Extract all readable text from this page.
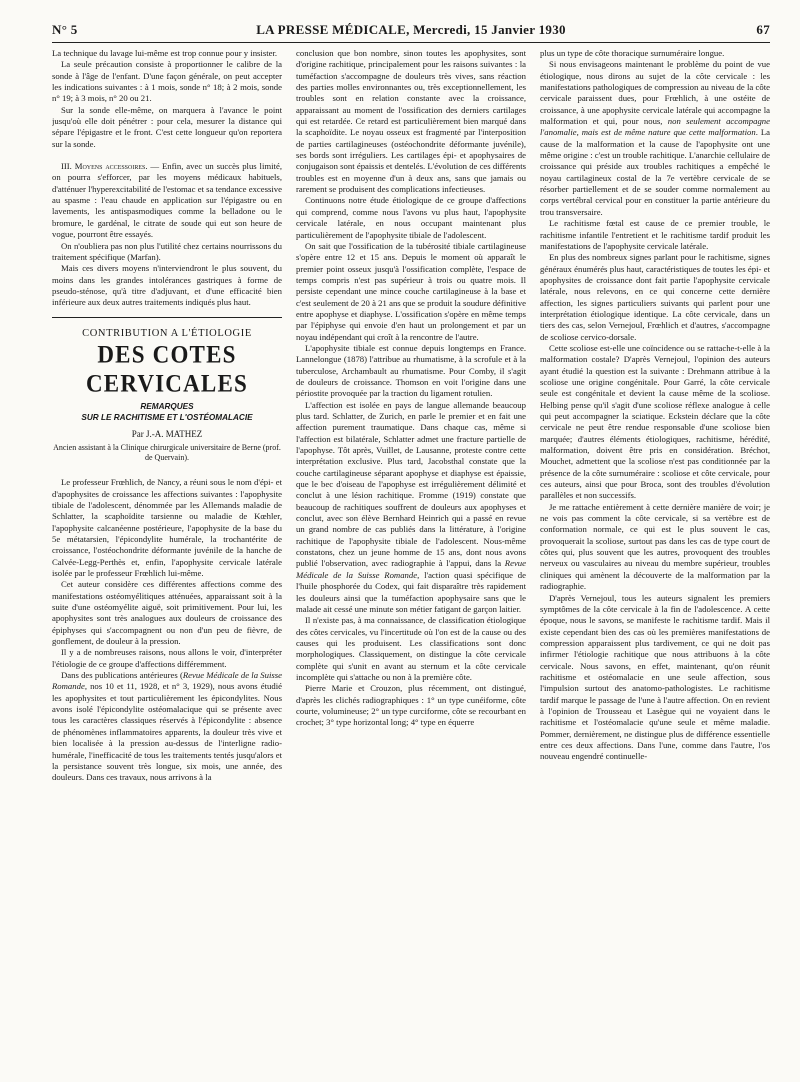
N° 5	LA PRESSE MÉDICALE, Mercredi, 15 Janvier 1930	67

La technique du lavage lui-même est trop connue pour y insister.

La seule précaution consiste à proportionner le calibre de la sonde à l'âge de l'enfant. D'une façon générale, on peut accepter les indications suivantes : à 1 mois, sonde n° 18; à 2 mois, sonde n° 19; à 3 mois, n° 20 ou 21.

Sur la sonde elle-même, on marquera à l'avance le point jusqu'où elle doit pénétrer : pour cela, mesurer la distance qui sépare l'épigastre et le front. C'est cette longueur qu'on reportera sur la sonde.

III. Moyens accessoires. — Enfin, avec un succès plus limité, on pourra s'efforcer, par les moyens médicaux habituels, d'atténuer l'hyperexcitabilité de l'estomac et sa tendance excessive au spasme : l'eau chaude en application sur l'épigastre ou en lavements, les antispasmodiques comme la belladone ou le bromure, le gardénal, le citrate de soude qui eut son heure de vogue, pourront être essayés.

On n'oubliera pas non plus l'utilité chez certains nourrissons du traitement spécifique (Marfan).

Mais ces divers moyens n'interviendront le plus souvent, du moins dans les grandes intolérances gastriques à forme de pseudo-sténose, qu'à titre d'adjuvant, et d'une efficacité bien inférieure aux deux autres traitements indiqués plus haut.

CONTRIBUTION A L'ÉTIOLOGIE
DES COTES CERVICALES
REMARQUES
SUR LE RACHITISME ET L'OSTÉOMALACIE
Par J.-A. MATHEZ
Ancien assistant à la Clinique chirurgicale universitaire de Berne (prof. de Quervain).

Le professeur Frœhlich, de Nancy, a réuni sous le nom d'épi- et d'apophysites de croissance les affections suivantes : l'apophysite tibiale de l'adolescent, dénommée par les Allemands maladie de Schlatter, la scaphoïdite tarsienne ou maladie de Kœhler, l'apophysite calcanéenne postérieure, l'apophysite de la base du 5e métatarsien, l'épicondylite humérale, la trochantérite de croissance, l'ostéochondrite déformante juvénile de la hanche de Calvée-Legg-Perthès et, enfin, l'apophysite cervicale latérale isolée par le professeur Frœhlich lui-même.

Cet auteur considère ces différentes affections comme des manifestations ostéomyélitiques atténuées, apparaissant soit à la suite d'une ostéomyélite aiguë, soit primitivement. Pour lui, les apophysites sont très analogues aux douleurs de croissance des épiphyses qui s'accompagnent ou non d'un peu de fièvre, de gonflement, de douleur à la pression.

Il y a de nombreuses raisons, nous allons le voir, d'interpréter l'étiologie de ce groupe d'affections différemment.

Dans des publications antérieures (Revue Médicale de la Suisse Romande, nos 10 et 11, 1928, et n° 3, 1929), nous avons étudié les apophysites et tout particulièrement les épicondylites. Nous avons isolé l'épicondylite ostéomalacique qui se présente avec tous les caractères classiques réservés à l'épicondylite : absence de phénomènes inflammatoires apparents, la douleur très vive et bien localisée à la pression au-dessus de l'interligne radio-humérale, l'inefficacité de tous les traitements tentés jusqu'alors et la persistance souvent très longue, six mois, une année, des douleurs. Dans ces travaux, nous arrivons à la

conclusion que bon nombre, sinon toutes les apophysites, sont d'origine rachitique, principalement pour les raisons suivantes : la tuméfaction s'accompagne de douleurs très vives, sans réaction des parties molles environnantes ou, très exceptionnellement, les troubles sont en relation constante avec la croissance, apparaissant au moment de l'ossification des derniers cartilages qui est retardée. Ce retard est particulièrement bien marqué dans la scaphoïdite. Le noyau osseux est fragmenté par l'interposition de parties cartilagineuses (ostéochondrite déformante juvénile), ses bords sont irréguliers. Les cartilages épi- et apophysaires de conjugaison sont épaissis et dentelés. L'évolution de ces différents troubles est en moyenne d'un à deux ans, sans que jamais ou rarement se produisent des complications infectieuses.

Continuons notre étude étiologique de ce groupe d'affections qui comprend, comme nous l'avons vu plus haut, l'apophysite cervicale latérale, en nous occupant maintenant plus particulièrement de l'apophysite tibiale de l'adolescent.

On sait que l'ossification de la tubérosité tibiale cartilagineuse s'opère entre 12 et 15 ans. Depuis le moment où apparaît le premier point osseux jusqu'à l'ossification complète, l'espace de temps compris n'est pas supérieur à trois ou quatre mois. Il persiste cependant une mince couche cartilagineuse à la base et c'est seulement de 20 à 21 ans que se produit la soudure définitive entre apophyse et diaphyse. L'ossification s'opère en même temps par l'épiphyse qui envoie d'en haut un prolongement et par un noyau indépendant qui croît à la rencontre de l'autre.

L'apophysite tibiale est connue depuis longtemps en France. Lannelongue (1878) l'attribue au rhumatisme, à la scrofule et à la tuberculose, Archambault au rhumatisme. Pour Comby, il s'agit de douleurs de croissance. Thomson en voit l'origine dans une périostite provoquée par la traction du ligament rotulien.

L'affection est isolée en pays de langue allemande beaucoup plus tard. Schlatter, de Zurich, en parle le premier et en fait une affection purement traumatique. Dans chaque cas, même si l'affection est bilatérale, Schlatter admet une fracture partielle de l'apophyse. Tôt après, Vuillet, de Lausanne, proteste contre cette interprétation exclusive. Plus tard, Jacobsthal constate que la couche cartilagineuse séparant apophyse et diaphyse est épaissie, que le bec d'oiseau de l'apophyse est irrégulièrement délimité et conclut à une lésion rachitique. Fromme (1919) constate que beaucoup de rachitiques souffrent de douleurs aux apophyses et conclut, avec son élève Bernhard Heinrich qui a passé en revue un grand nombre de cas publiés dans la littérature, à l'origine rachitique de l'apophysite tibiale de l'adolescent. Nous-même constatons, chez un jeune homme de 15 ans, dont nous avons publié l'observation, avec radiographie à l'appui, dans la Revue Médicale de la Suisse Romande, l'action quasi spécifique de l'huile phosphorée du Codex, qui fait disparaître très rapidement les douleurs ainsi que la tuméfaction apophysaire sans que le malade ait cessé une minute son métier fatigant de garçon laitier.

Il n'existe pas, à ma connaissance, de classification étiologique des côtes cervicales, vu l'incertitude où l'on est de la cause ou des causes qui les produisent. Les classifications sont donc morphologiques. Classiquement, on distingue la côte cervicale complète qui s'unit en avant au sternum et la côte cervicale incomplète qui s'attache ou non à la première côte.

Pierre Marie et Crouzon, plus récemment, ont distingué, d'après les clichés radiographiques : 1° un type cunéiforme, côte courte, volumineuse; 2° un type curciforme, côte se recourbant en crochet; 3° type horizontal long; 4° type en équerre

plus un type de côte thoracique surnuméraire longue.

Si nous envisageons maintenant le problème du point de vue étiologique, nous dirons au sujet de la côte cervicale : les manifestations pathologiques de compression au niveau de la côte cervicale paraissent dues, pour Frœhlich, à une ostéite de croissance, à une apophysite cervicale latérale qui accompagne la malformation et qui, pour nous, non seulement accompagne l'anomalie, mais est de même nature que cette malformation. La cause de la malformation et la cause de l'apophysite ont une même origine : c'est un trouble rachitique. L'anarchie cellulaire de croissance qui préside aux troubles rachitiques a empêché le noyau cartilagineux costal de la 7e vertèbre cervicale de se résorber partiellement et de se souder comme normalement au corps vertébral cervical pour en constituer la partie antérieure du trou transversaire.

Le rachitisme fœtal est cause de ce premier trouble, le rachitisme infantile l'entretient et le rachitisme tardif produit les manifestations de l'apophysite cervicale latérale.

En plus des nombreux signes parlant pour le rachitisme, signes généraux énumérés plus haut, caractéristiques de toutes les épi- et apophysites de croissance dont fait partie l'apophysite cervicale latérale, nous relevons, en ce qui concerne cette dernière affection, les signes particuliers suivants qui parlent pour une interprétation étiologique identique. La côte cervicale, dans un tiers des cas, selon Vernejoul, Frœhlich et d'autres, s'accompagne de scoliose cervico-dorsale.

Cette scoliose est-elle une coïncidence ou se rattache-t-elle à la malformation costale? D'après Vernejoul, l'opinion des auteurs ayant étudié la question est la suivante : Drehmann attribue à la scoliose une origine congénitale. Pour Garré, la côte cervicale seule est congénitale et devient la cause même de la scoliose. Helbing pense qu'il s'agit d'une scoliose réflexe analogue à celle qui peut accompagner la sciatique. Eckstein déclare que la côte cervicale ne peut être rendue responsable d'une scoliose bien marquée; d'autres éléments étiologiques, rachitisme, hérédité, malformation, doivent être pris en considération. Bréchot, Mouchet, admettent que la scoliose n'est pas conditionnée par la présence de la côte surnuméraire : scoliose et côte cervicale, pour ces auteurs, ainsi que pour Broca, sont des troubles d'évolution parallèles et non successifs.

Je me rattache entièrement à cette dernière manière de voir; je ne vois pas comment la côte cervicale, si sa vertèbre est de conformation normale, ce qui est le plus souvent le cas, provoquerait la scoliose, surtout pas dans les cas de type court de côtes qui, plus souvent que les autres, provoquent des troubles nerveux ou vasculaires au niveau du membre supérieur, troubles cliniques qui amènent la découverte de la malformation par la radiographie.

D'après Vernejoul, tous les auteurs signalent les premiers symptômes de la côte cervicale à la fin de l'adolescence. A cette époque, nous le savons, se manifeste le rachitisme tardif. Mais il existe cependant bien des cas où les premières manifestations de compression apparaissent plus tardivement, ce qui ne doit pas infirmer l'étiologie rachitique que nous attribuons à la côte cervicale. Nous savons, en effet, maintenant, qu'on réunit rachitisme et ostéomalacie en une seule affection, sous l'impulsion surtout des anatomo-pathologistes. Le rachitisme tardif marque le passage de l'une à l'autre affection. On en revient à l'opinion de Trousseau et Lasègue qui ne voyaient dans le rachitisme et l'ostéomalacie qu'une seule et même maladie. Pommer, dernièrement, ne distingue plus de différence essentielle entre ces deux affections. Dans l'une, comme dans l'autre, l'os nouveau engendré continuelle-
